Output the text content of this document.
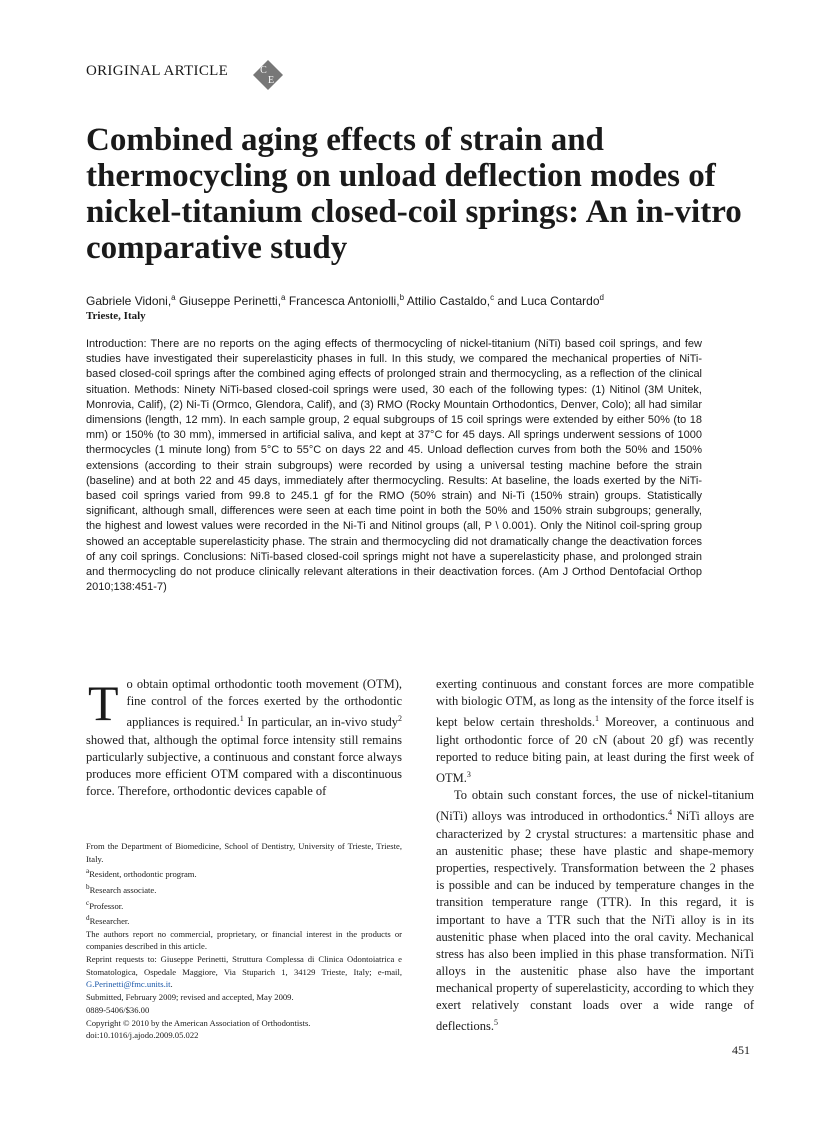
ORIGINAL ARTICLE	C
E
Combined aging effects of strain and thermocycling on unload deflection modes of nickel-titanium closed-coil springs: An in-vitro comparative study
Gabriele Vidoni,$^a$ Giuseppe Perinetti,$^a$ Francesca Antoniolli,$^b$ Attilio Castaldo,$^c$ and Luca Contardo$^d$
Trieste, Italy

Introduction: There are no reports on the aging effects of thermocycling of nickel-titanium (NiTi) based coil springs, and few studies have investigated their superelasticity phases in full. In this study, we compared the mechanical properties of NiTi-based closed-coil springs after the combined aging effects of prolonged strain and thermocycling, as a reflection of the clinical situation. Methods: Ninety NiTi-based closed-coil springs were used, 30 each of the following types: (1) Nitinol (3M Unitek, Monrovia, Calif), (2) Ni-Ti (Ormco, Glendora, Calif), and (3) RMO (Rocky Mountain Orthodontics, Denver, Colo); all had similar dimensions (length, 12 mm). In each sample group, 2 equal subgroups of 15 coil springs were extended by either 50% (to 18 mm) or 150% (to 30 mm), immersed in artificial saliva, and kept at 37°C for 45 days. All springs underwent sessions of 1000 thermocycles (1 minute long) from 5°C to 55°C on days 22 and 45. Unload deflection curves from both the 50% and 150% extensions (according to their strain subgroups) were recorded by using a universal testing machine before the strain (baseline) and at both 22 and 45 days, immediately after thermocycling. Results: At baseline, the loads exerted by the NiTi-based coil springs varied from 99.8 to 245.1 gf for the RMO (50% strain) and Ni-Ti (150% strain) groups. Statistically significant, although small, differences were seen at each time point in both the 50% and 150% strain subgroups; generally, the highest and lowest values were recorded in the Ni-Ti and Nitinol groups (all, P \ 0.001). Only the Nitinol coil-spring group showed an acceptable superelasticity phase. The strain and thermocycling did not dramatically change the deactivation forces of any coil springs. Conclusions: NiTi-based closed-coil springs might not have a superelasticity phase, and prolonged strain and thermocycling do not produce clinically relevant alterations in their deactivation forces. (Am J Orthod Dentofacial Orthop 2010;138:451-7)

To obtain optimal orthodontic tooth movement (OTM), fine control of the forces exerted by the orthodontic appliances is required.$^1$ In particular, an in-vivo study$^2$ showed that, although the optimal force intensity still remains particularly subjective, a continuous and constant force always produces more efficient OTM compared with a discontinuous force. Therefore, orthodontic devices capable of

From the Department of Biomedicine, School of Dentistry, University of Trieste, Trieste, Italy.
$^a$Resident, orthodontic program.
$^b$Research associate.
$^c$Professor.
$^d$Researcher.
The authors report no commercial, proprietary, or financial interest in the products or companies described in this article.
Reprint requests to: Giuseppe Perinetti, Struttura Complessa di Clinica Odontoiatrica e Stomatologica, Ospedale Maggiore, Via Stuparich 1, 34129 Trieste, Italy; e-mail, G.Perinetti@fmc.units.it.
Submitted, February 2009; revised and accepted, May 2009.
0889-5406/$36.00
Copyright © 2010 by the American Association of Orthodontists.
doi:10.1016/j.ajodo.2009.05.022

exerting continuous and constant forces are more compatible with biologic OTM, as long as the intensity of the force itself is kept below certain thresholds.$^1$ Moreover, a continuous and light orthodontic force of 20 cN (about 20 gf) was recently reported to reduce biting pain, at least during the first week of OTM.$^3$

To obtain such constant forces, the use of nickel-titanium (NiTi) alloys was introduced in orthodontics.$^4$ NiTi alloys are characterized by 2 crystal structures: a martensitic phase and an austenitic phase; these have plastic and shape-memory properties, respectively. Transformation between the 2 phases is possible and can be induced by temperature changes in the transition temperature range (TTR). In this regard, it is important to have a TTR such that the NiTi alloy is in its austenitic phase when placed into the oral cavity. Mechanical stress has also been implied in this phase transformation. NiTi alloys in the austenitic phase also have the important mechanical property of superelasticity, according to which they exert relatively constant loads over a wide range of deflections.$^5$

451
